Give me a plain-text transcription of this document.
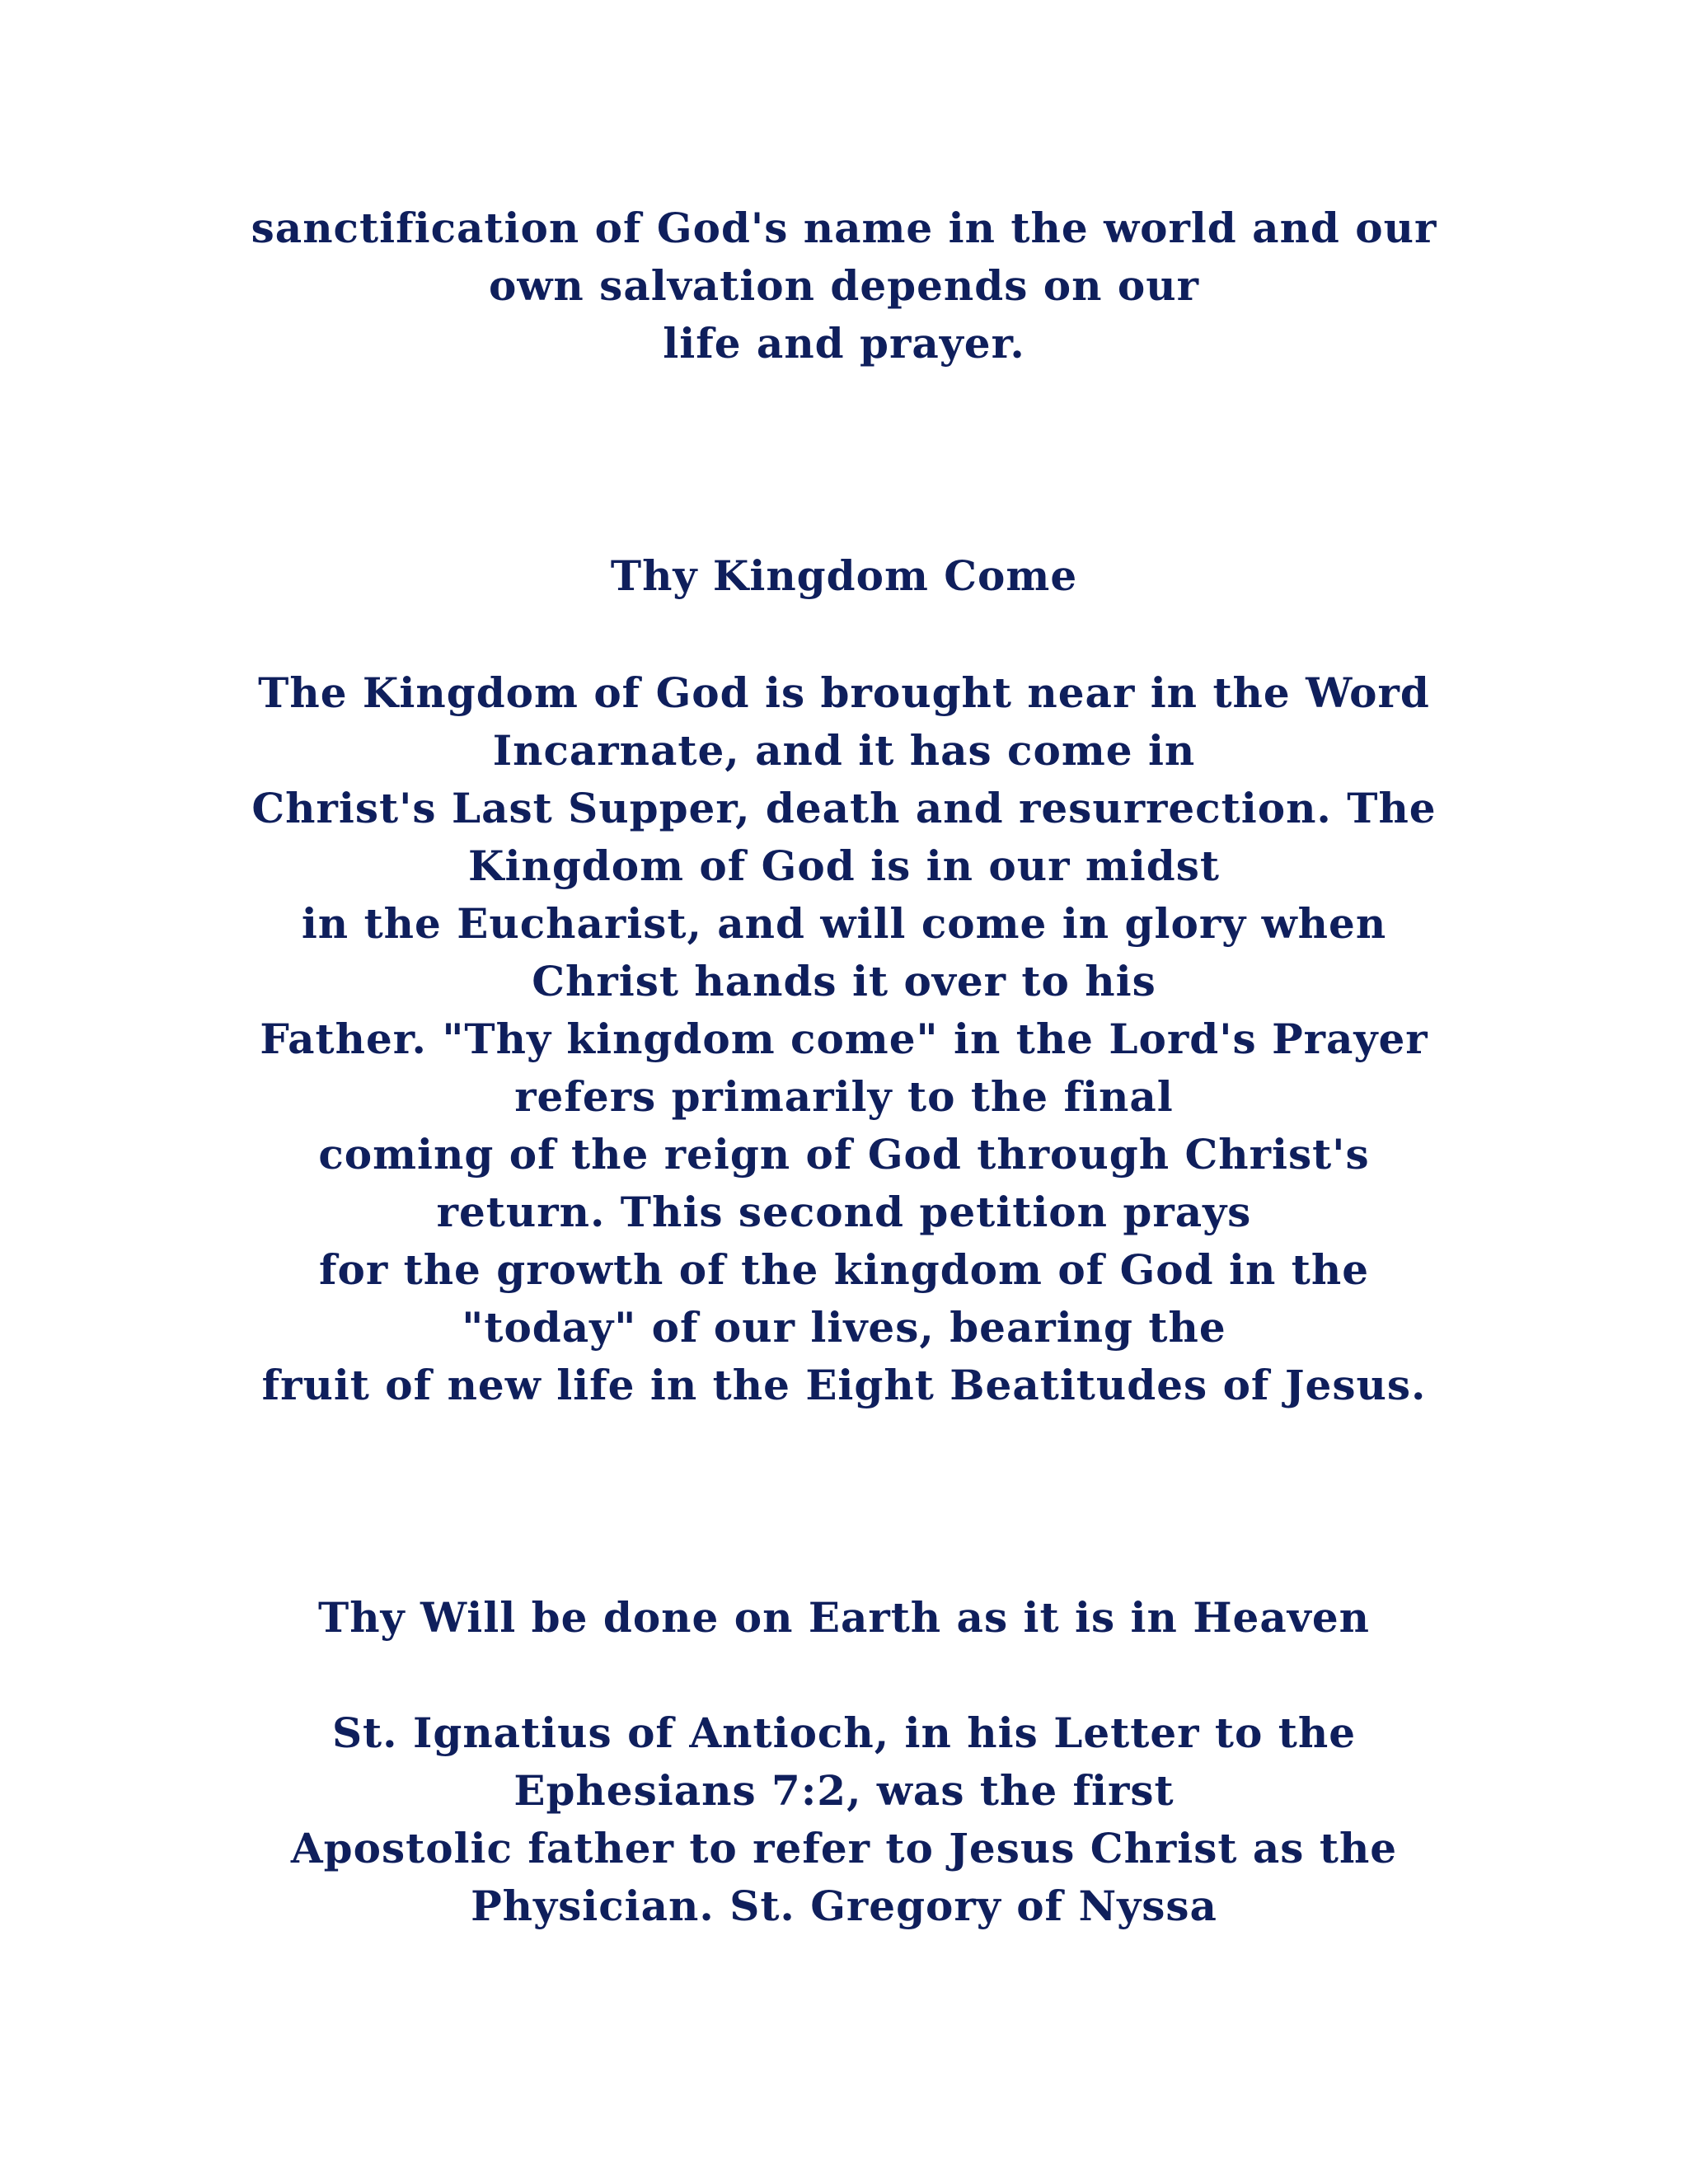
sanctification of God's name in the world and our
own salvation depends on our
life and prayer.
Thy Kingdom Come
The Kingdom of God is brought near in the Word
Incarnate, and it has come in
Christ's Last Supper, death and resurrection. The
Kingdom of God is in our midst
in the Eucharist, and will come in glory when
Christ hands it over to his
Father. "Thy kingdom come" in the Lord's Prayer
refers primarily to the final
coming of the reign of God through Christ's
return. This second petition prays
for the growth of the kingdom of God in the
"today" of our lives, bearing the
fruit of new life in the Eight Beatitudes of Jesus.
Thy Will be done on Earth as it is in Heaven
St. Ignatius of Antioch, in his Letter to the
Ephesians 7:2, was the first
Apostolic father to refer to Jesus Christ as the
Physician. St. Gregory of Nyssa
